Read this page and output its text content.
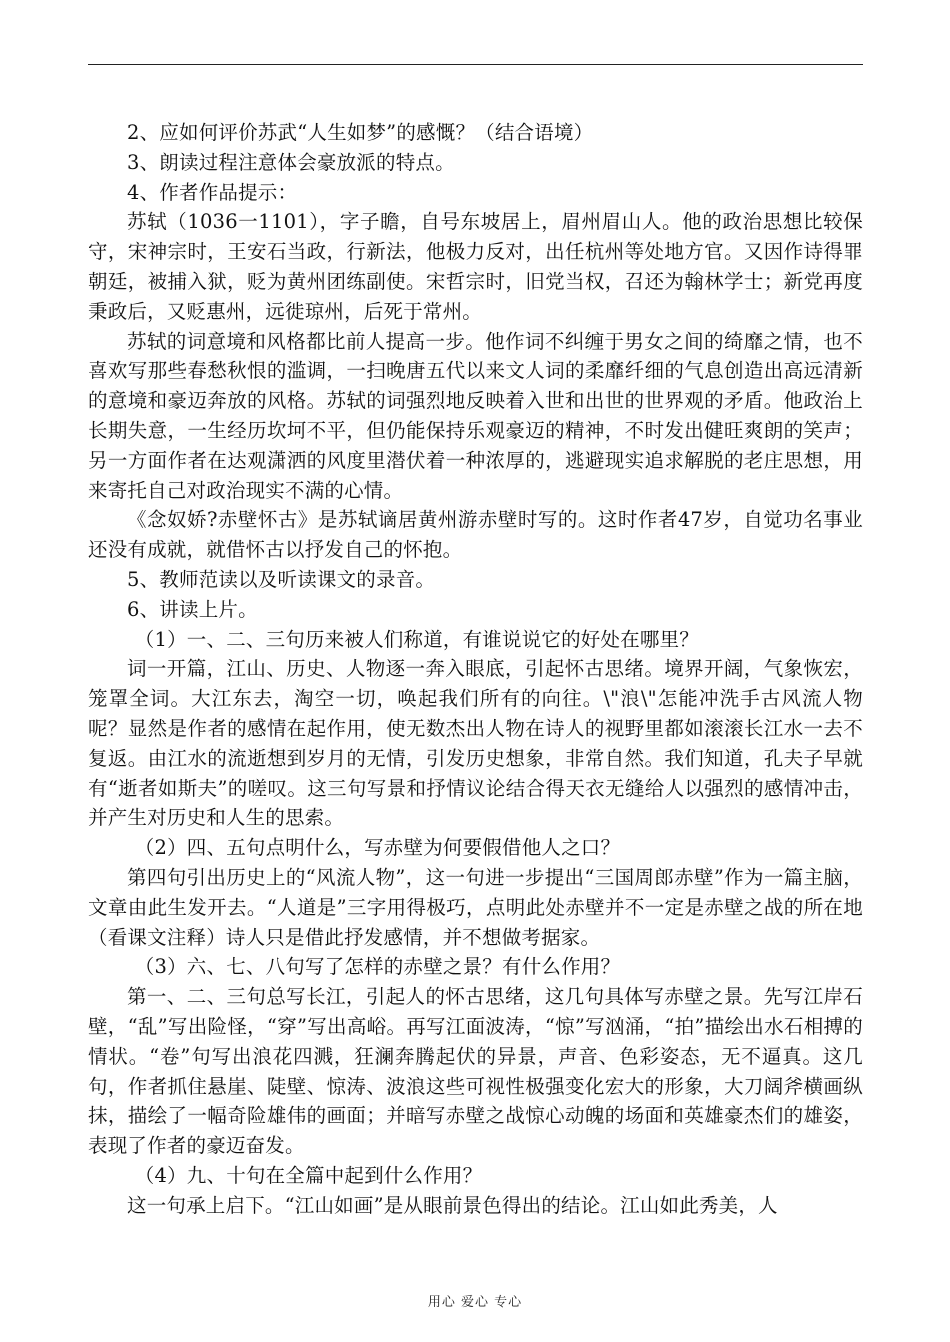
2、应如何评价苏武“人生如梦”的感慨？（结合语境）

3、朗读过程注意体会豪放派的特点。

4、作者作品提示：

苏轼（1036一1101），字子瞻，自号东坡居上，眉州眉山人。他的政治思想比较保守，宋神宗时，王安石当政，行新法，他极力反对，出任杭州等处地方官。又因作诗得罪朝廷，被捕入狱，贬为黄州团练副使。宋哲宗时，旧党当权，召还为翰林学士；新党再度秉政后，又贬惠州，远徙琼州，后死于常州。

苏轼的词意境和风格都比前人提高一步。他作词不纠缠于男女之间的绮靡之情，也不喜欢写那些春愁秋恨的滥调，一扫晚唐五代以来文人词的柔靡纤细的气息创造出高远清新的意境和豪迈奔放的风格。苏轼的词强烈地反映着入世和出世的世界观的矛盾。他政治上长期失意，一生经历坎坷不平，但仍能保持乐观豪迈的精神，不时发出健旺爽朗的笑声；另一方面作者在达观潇洒的风度里潜伏着一种浓厚的，逃避现实追求解脱的老庄思想，用来寄托自己对政治现实不满的心情。

《念奴娇?赤壁怀古》是苏轼谪居黄州游赤壁时写的。这时作者47岁，自觉功名事业还没有成就，就借怀古以抒发自己的怀抱。

5、教师范读以及听读课文的录音。

6、讲读上片。

（1）一、二、三句历来被人们称道，有谁说说它的好处在哪里？

词一开篇，江山、历史、人物逐一奔入眼底，引起怀古思绪。境界开阔，气象恢宏，笼罩全词。大江东去，淘空一切，唤起我们所有的向往。\"浪\"怎能冲洗手古风流人物呢？显然是作者的感情在起作用，使无数杰出人物在诗人的视野里都如滚滚长江水一去不复返。由江水的流逝想到岁月的无情，引发历史想象，非常自然。我们知道，孔夫子早就有“逝者如斯夫”的嗟叹。这三句写景和抒情议论结合得天衣无缝给人以强烈的感情冲击，并产生对历史和人生的思索。

（2）四、五句点明什么，写赤壁为何要假借他人之口？

第四句引出历史上的“风流人物”，这一句进一步提出“三国周郎赤壁”作为一篇主脑，文章由此生发开去。“人道是”三字用得极巧，点明此处赤壁并不一定是赤壁之战的所在地（看课文注释）诗人只是借此抒发感情，并不想做考据家。

（3）六、七、八句写了怎样的赤壁之景？有什么作用？

第一、二、三句总写长江，引起人的怀古思绪，这几句具体写赤壁之景。先写江岸石壁，“乱”写出险怪，“穿”写出高峪。再写江面波涛，“惊”写汹涌，“拍”描绘出水石相搏的情状。“卷”句写出浪花四溅，狂澜奔腾起伏的异景，声音、色彩姿态，无不逼真。这几句，作者抓住悬崖、陡壁、惊涛、波浪这些可视性极强变化宏大的形象，大刀阔斧横画纵抹，描绘了一幅奇险雄伟的画面；并暗写赤壁之战惊心动魄的场面和英雄豪杰们的雄姿，表现了作者的豪迈奋发。

（4）九、十句在全篇中起到什么作用？

这一句承上启下。“江山如画”是从眼前景色得出的结论。江山如此秀美，人

用心 爱心 专心
